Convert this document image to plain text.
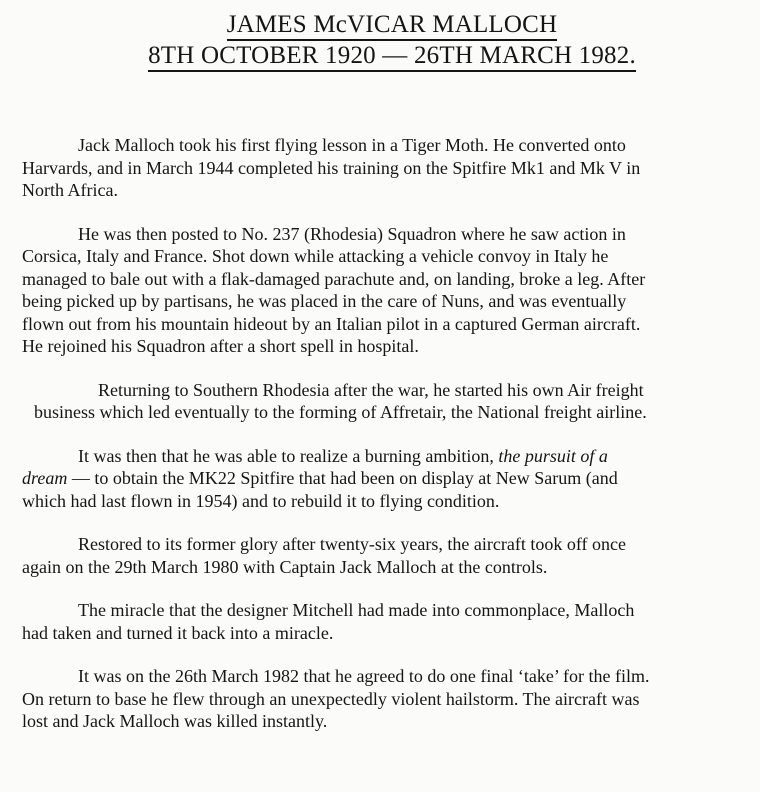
JAMES McVICAR MALLOCH
8TH OCTOBER 1920 — 26TH MARCH 1982.
Jack Malloch took his first flying lesson in a Tiger Moth. He converted onto
Harvards, and in March 1944 completed his training on the Spitfire Mk1 and Mk V in
North Africa.
He was then posted to No. 237 (Rhodesia) Squadron where he saw action in
Corsica, Italy and France. Shot down while attacking a vehicle convoy in Italy he
managed to bale out with a flak-damaged parachute and, on landing, broke a leg. After
being picked up by partisans, he was placed in the care of Nuns, and was eventually
flown out from his mountain hideout by an Italian pilot in a captured German aircraft.
He rejoined his Squadron after a short spell in hospital.
Returning to Southern Rhodesia after the war, he started his own Air freight
business which led eventually to the forming of Affretair, the National freight airline.
It was then that he was able to realize a burning ambition, the pursuit of a
dream — to obtain the MK22 Spitfire that had been on display at New Sarum (and
which had last flown in 1954) and to rebuild it to flying condition.
Restored to its former glory after twenty-six years, the aircraft took off once
again on the 29th March 1980 with Captain Jack Malloch at the controls.
The miracle that the designer Mitchell had made into commonplace, Malloch
had taken and turned it back into a miracle.
It was on the 26th March 1982 that he agreed to do one final ‘take’ for the film.
On return to base he flew through an unexpectedly violent hailstorm. The aircraft was
lost and Jack Malloch was killed instantly.
